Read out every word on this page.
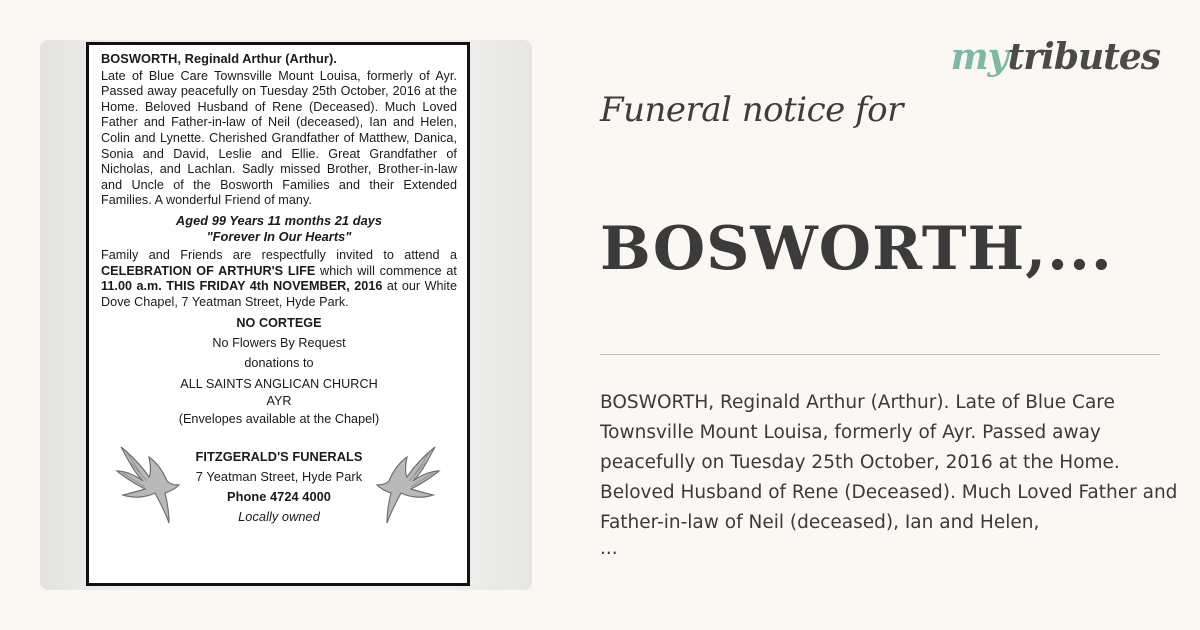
BOSWORTH, Reginald Arthur (Arthur).
Late of Blue Care Townsville Mount Louisa, formerly of Ayr. Passed away peacefully on Tuesday 25th October, 2016 at the Home. Beloved Husband of Rene (Deceased). Much Loved Father and Father-in-law of Neil (deceased), Ian and Helen, Colin and Lynette. Cherished Grandfather of Matthew, Danica, Sonia and David, Leslie and Ellie. Great Grandfather of Nicholas, and Lachlan. Sadly missed Brother, Brother-in-law and Uncle of the Bosworth Families and their Extended Families. A wonderful Friend of many.
Aged 99 Years 11 months 21 days
"Forever In Our Hearts"
Family and Friends are respectfully invited to attend a CELEBRATION OF ARTHUR'S LIFE which will commence at 11.00 a.m. THIS FRIDAY 4th NOVEMBER, 2016 at our White Dove Chapel, 7 Yeatman Street, Hyde Park.
NO CORTEGE
No Flowers By Request
donations to
ALL SAINTS ANGLICAN CHURCH
AYR
(Envelopes available at the Chapel)
FITZGERALD'S FUNERALS
7 Yeatman Street, Hyde Park
Phone 4724 4000
Locally owned
mytributes
Funeral notice for
BOSWORTH,...
BOSWORTH, Reginald Arthur (Arthur). Late of Blue Care Townsville Mount Louisa, formerly of Ayr. Passed away peacefully on Tuesday 25th October, 2016 at the Home. Beloved Husband of Rene (Deceased). Much Loved Father and Father-in-law of Neil (deceased), Ian and Helen,
...
